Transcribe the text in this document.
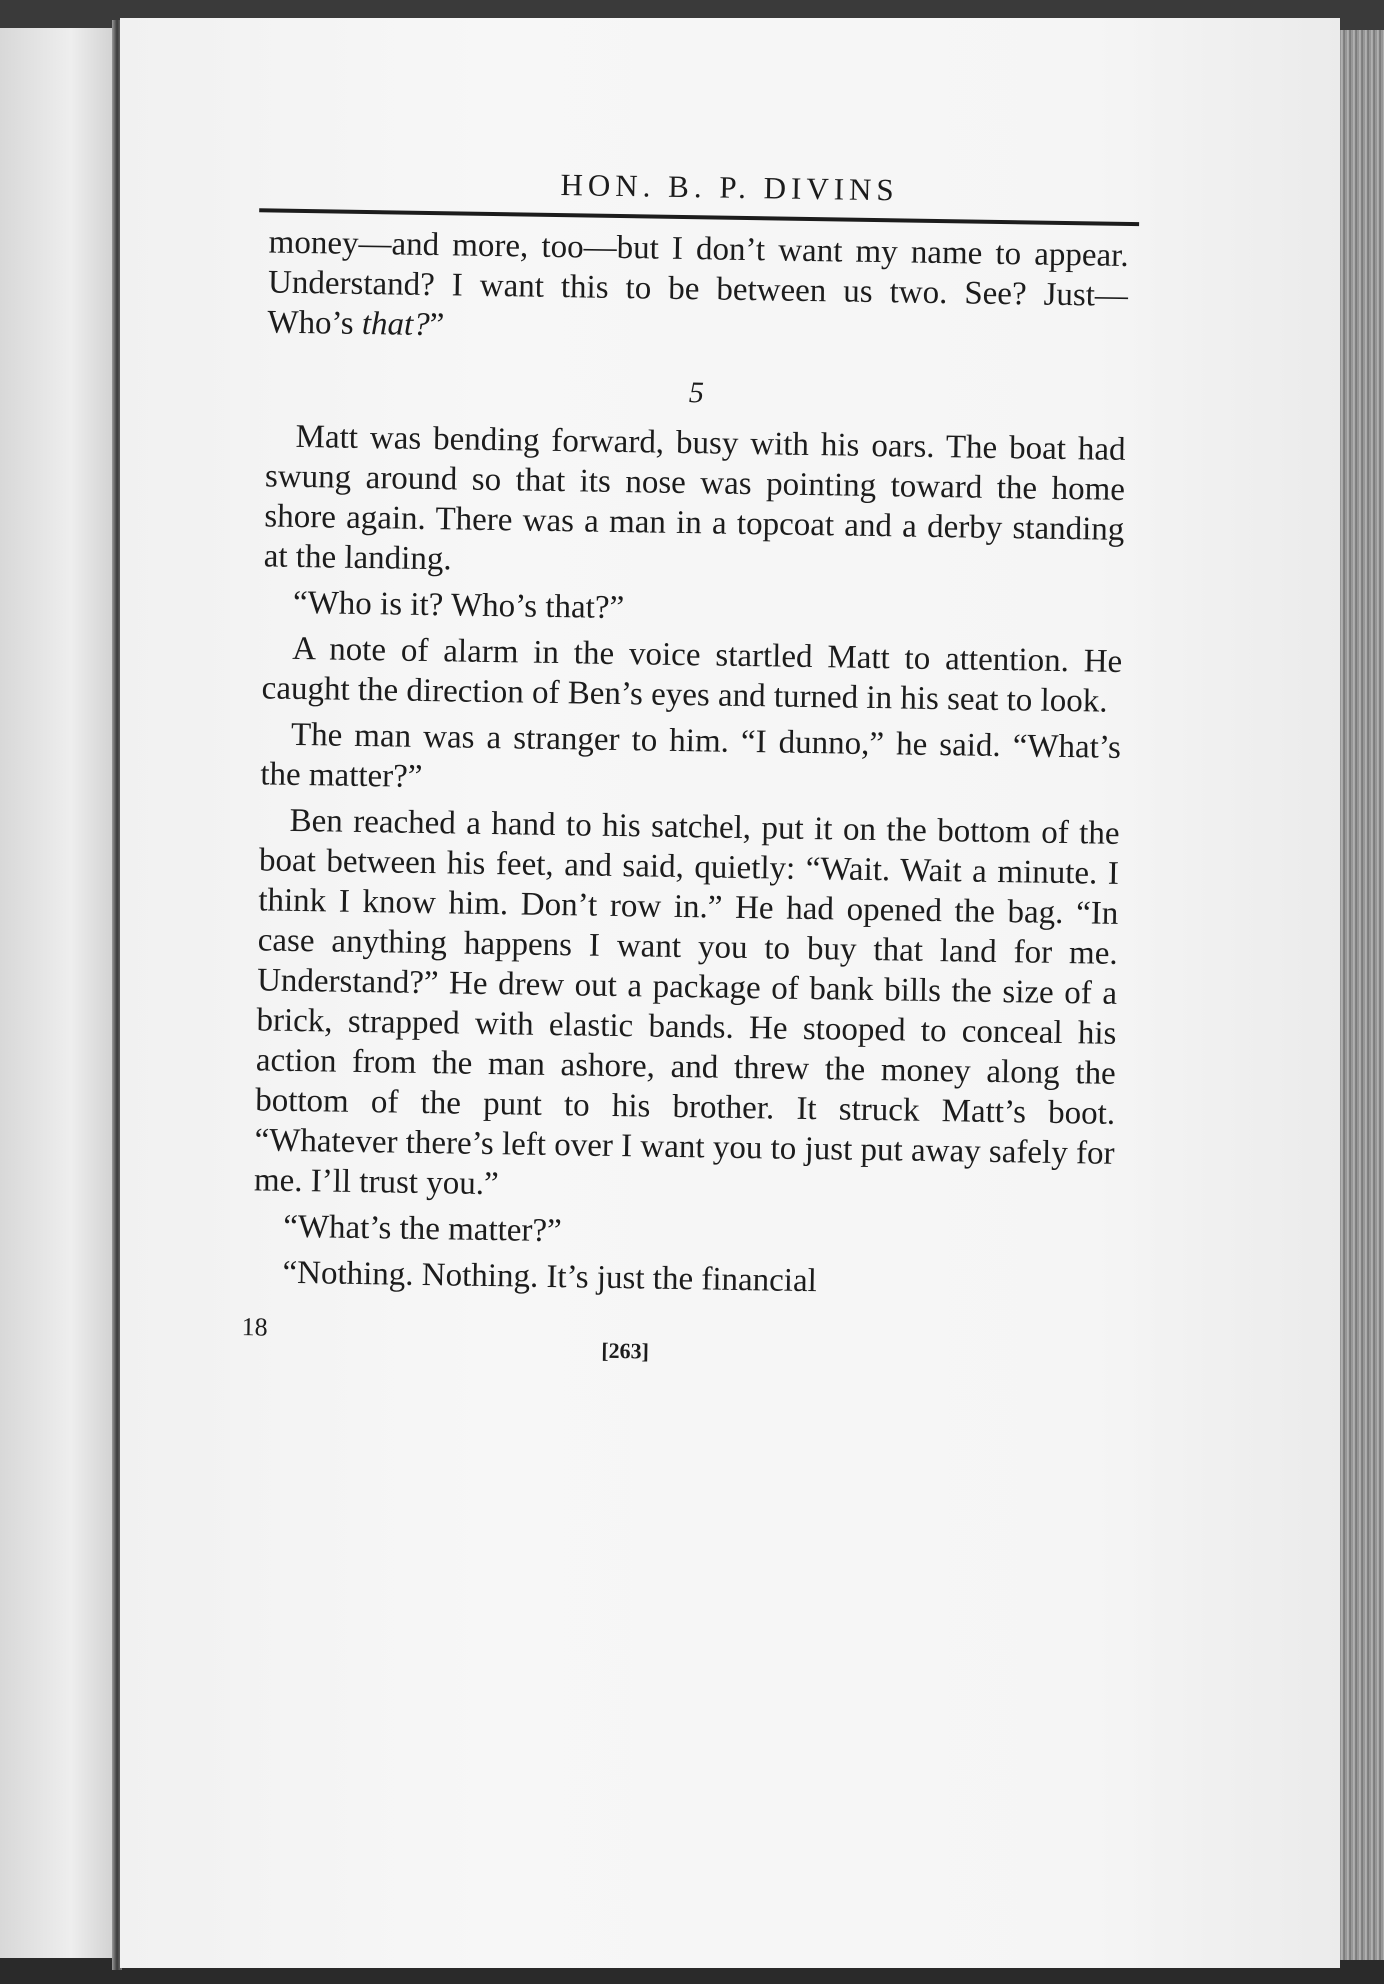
HON. B. P. DIVINS

money—and more, too—but I don’t want my name to appear. Understand? I want this to be between us two. See? Just— Who’s that?”

5

Matt was bending forward, busy with his oars. The boat had swung around so that its nose was pointing toward the home shore again. There was a man in a topcoat and a derby standing at the landing.

“Who is it? Who’s that?”

A note of alarm in the voice startled Matt to attention. He caught the direction of Ben’s eyes and turned in his seat to look.

The man was a stranger to him. “I dunno,” he said. “What’s the matter?”

Ben reached a hand to his satchel, put it on the bottom of the boat between his feet, and said, quietly: “Wait. Wait a minute. I think I know him. Don’t row in.” He had opened the bag. “In case anything happens I want you to buy that land for me. Understand?” He drew out a package of bank bills the size of a brick, strapped with elastic bands. He stooped to conceal his action from the man ashore, and threw the money along the bottom of the punt to his brother. It struck Matt’s boot. “Whatever there’s left over I want you to just put away safely for me. I’ll trust you.”

“What’s the matter?”

“Nothing. Nothing. It’s just the financial

18
[263]
